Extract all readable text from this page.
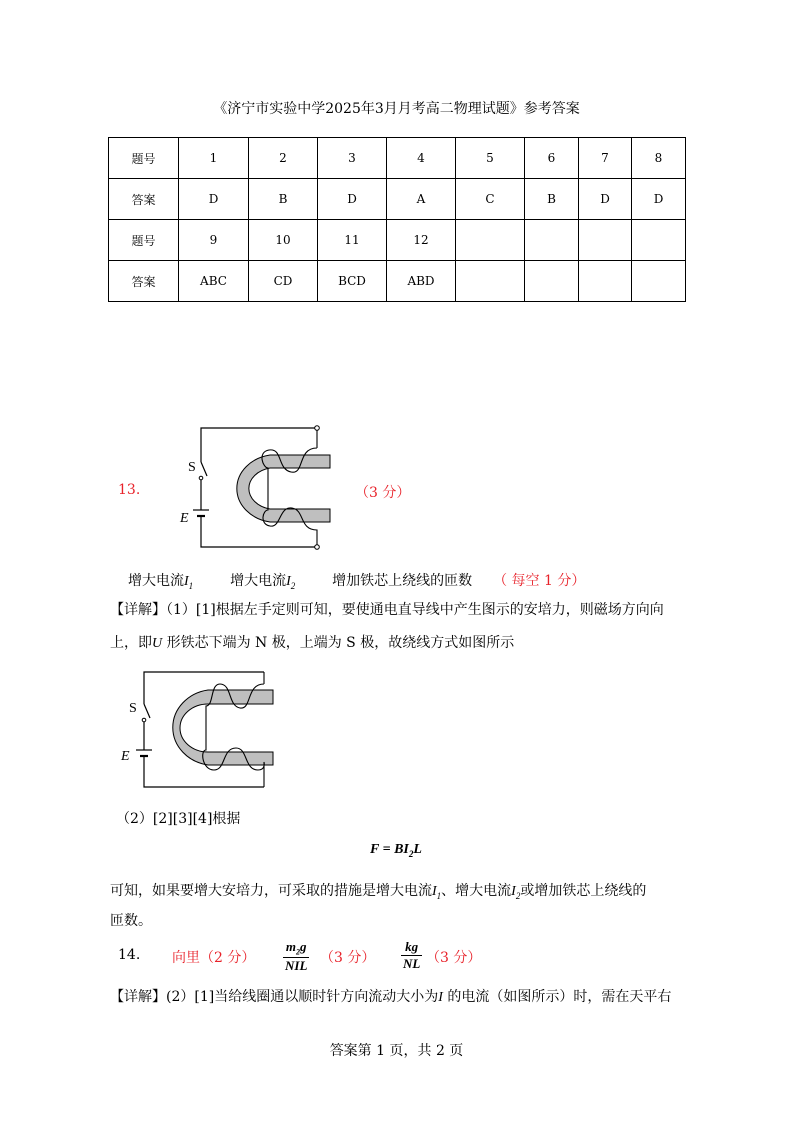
《济宁市实验中学2025年3月月考高二物理试题》参考答案
题号	1	2	3	4	5	6	7	8
答案	D	B	D	A	C	B	D	D
题号	9	10	11	12				
答案	ABC	CD	BCD	ABD				
13.	（3 分）
S
E
增大电流$I_1$	增大电流$I_2$	增加铁芯上绕线的匝数 （ 每空 1 分）
【详解】（1）[1]根据左手定则可知，要使通电直导线中产生图示的安培力，则磁场方向向
上，即U 形铁芯下端为 N 极，上端为 S 极，故绕线方式如图所示
S
E
（2）[2][3][4]根据
$F = BI_2L$
可知，如果要增大安培力，可采取的措施是增大电流$I_1$、增大电流$I_2$或增加铁芯上绕线的
匝数。
14. 向里（2 分） $\frac{m_2g}{\text{NIL}} (3$ 分） $\frac{kg}{NL} (3$ 分）
【详解】(2）[1]当给线圈通以顺时针方向流动大小为I 的电流（如图所示）时，需在天平右
答案第 1 页，共 2 页
